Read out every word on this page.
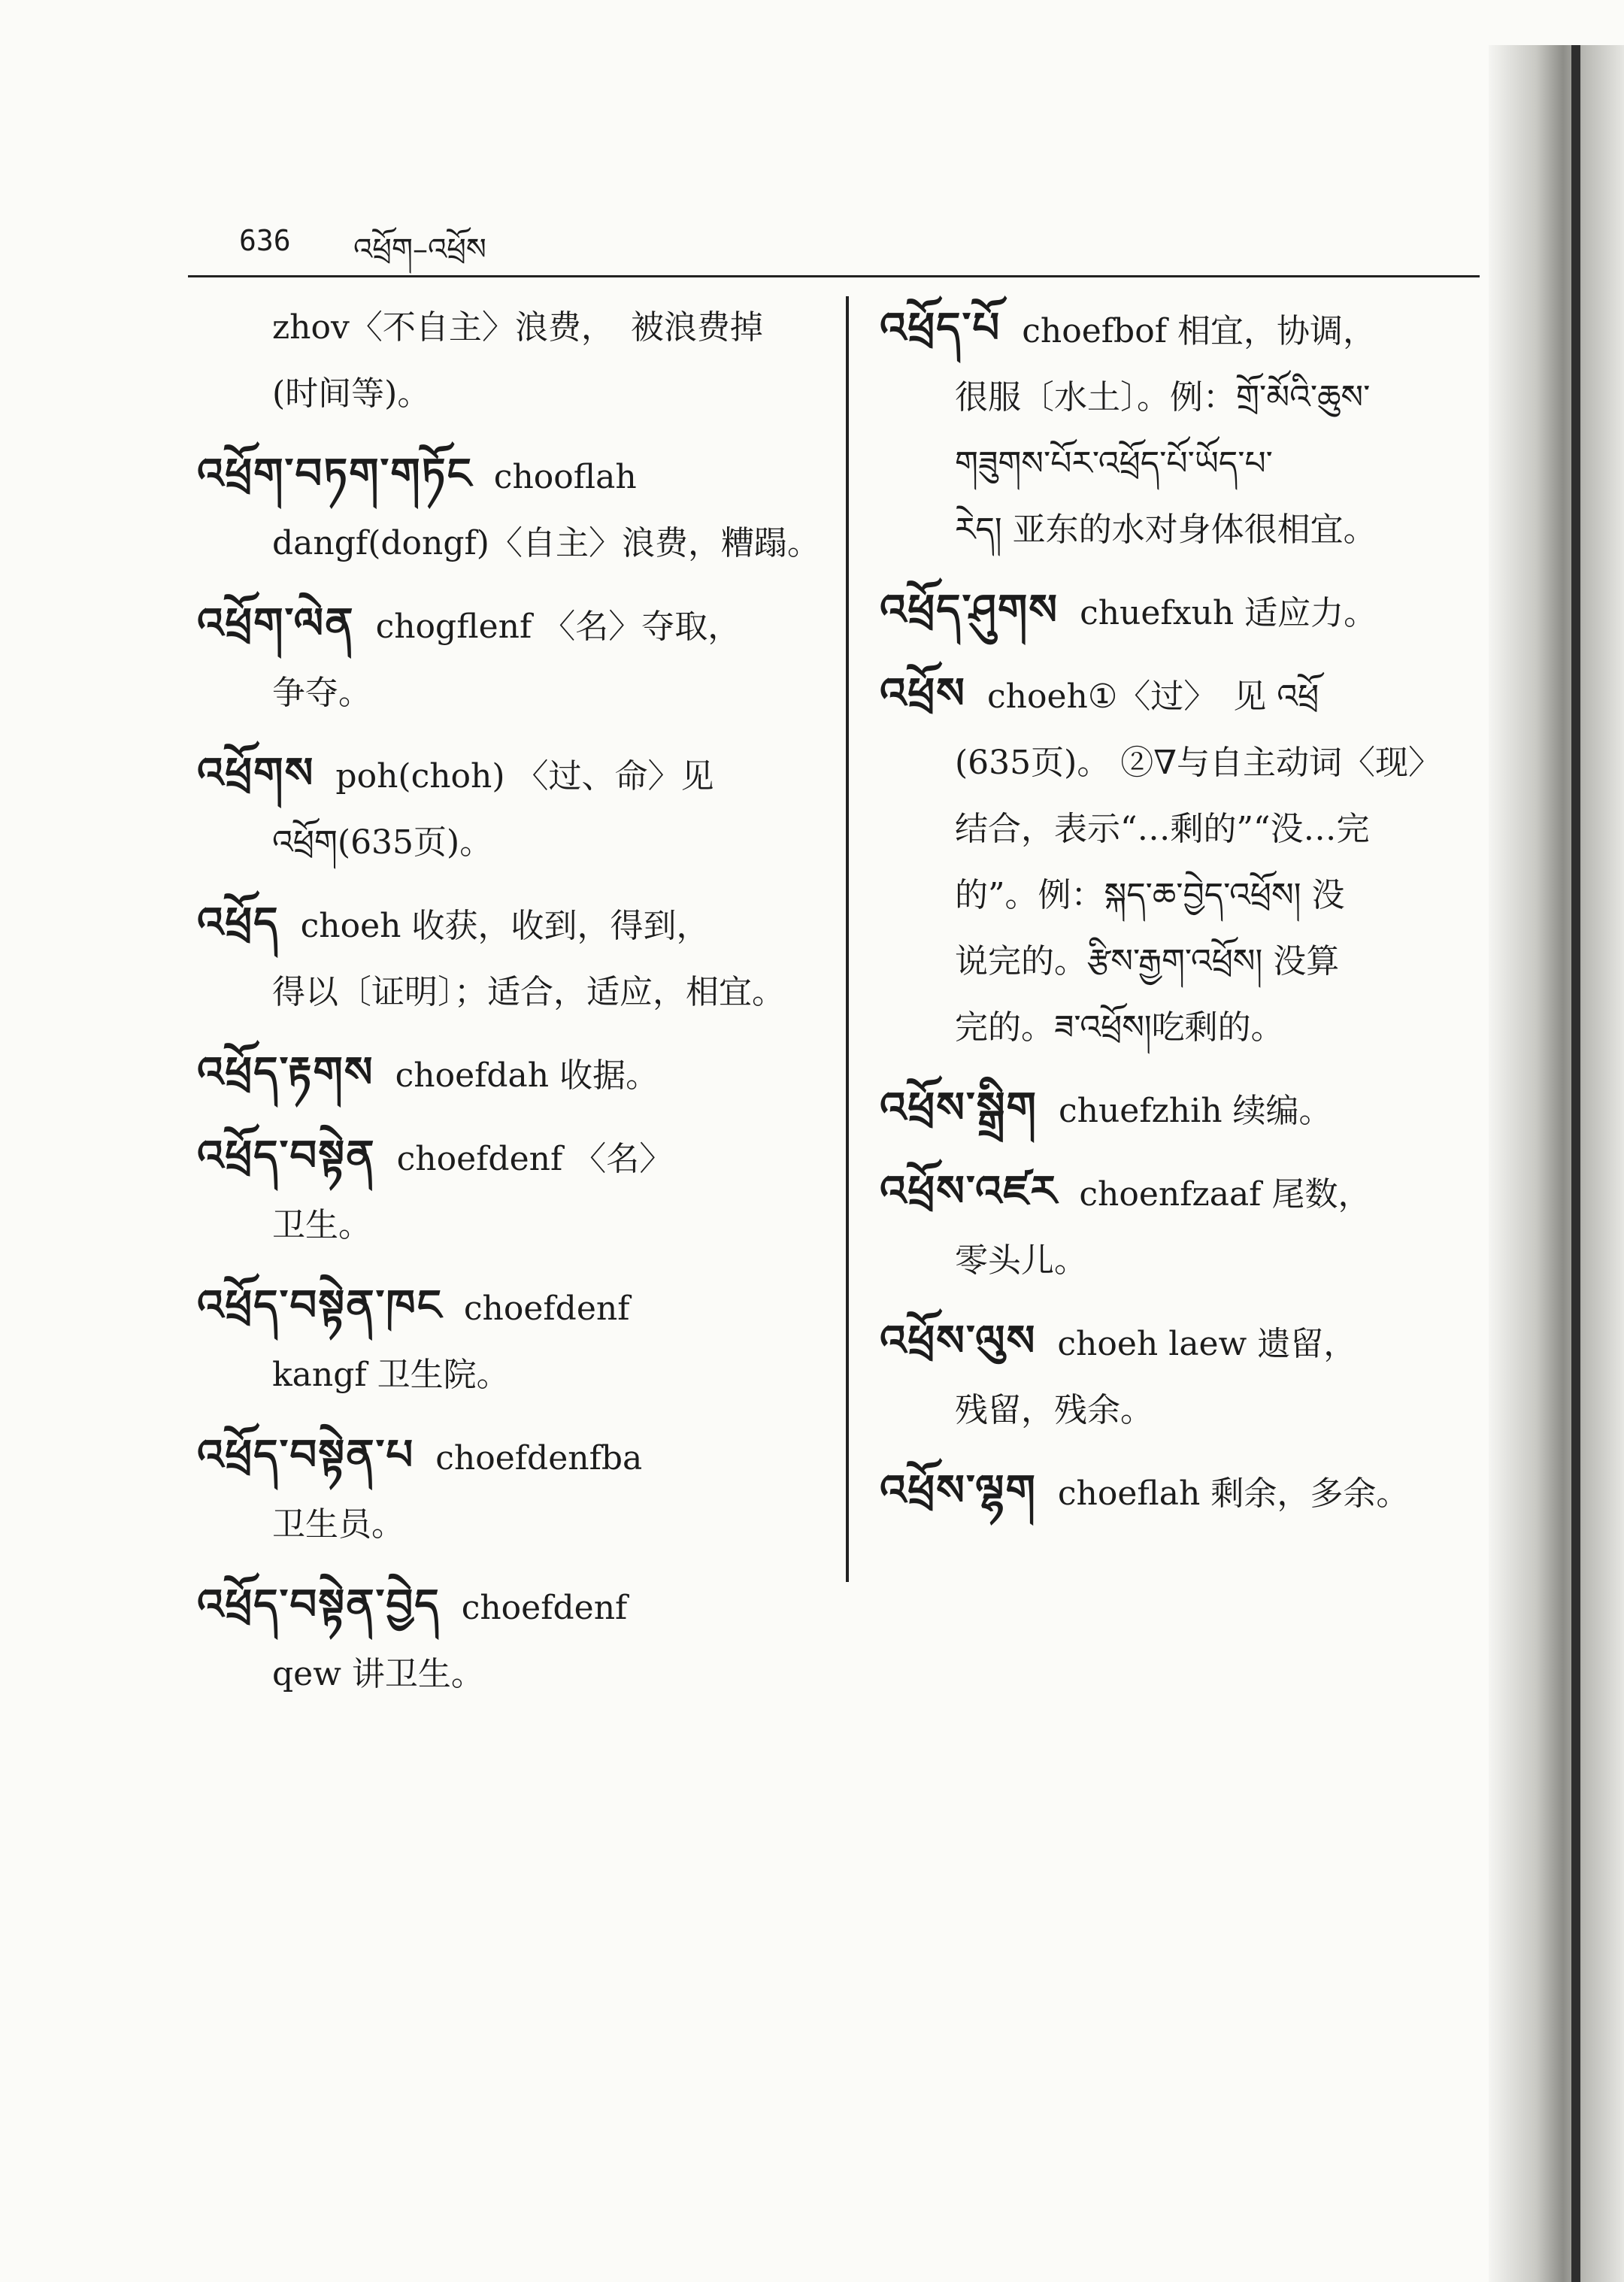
636 འཕྲོག–འཕྲོས
zhov〈不自主〉浪费，　被浪费掉
(时间等)。
འཕྲོག་བཏག་གཏོང chooflah
dangf(dongf)〈自主〉浪费，糟蹋。
འཕྲོག་ལེན chogflenf 〈名〉夺取，
争夺。
འཕྲོགས poh(choh) 〈过、命〉见
འཕྲོག(635页)。
འཕྲོད choeh 收获，收到，得到，
得以〔证明〕；适合，适应，相宜。
འཕྲོད་རྟགས choefdah 收据。
འཕྲོད་བསྟེན choefdenf 〈名〉
卫生。
འཕྲོད་བསྟེན་ཁང choefdenf
kangf 卫生院。
འཕྲོད་བསྟེན་པ choefdenfba
卫生员。
འཕྲོད་བསྟེན་བྱེད choefdenf
qew 讲卫生。
འཕྲོད་པོ choefbof 相宜，协调，
很服〔水土〕。例：གྲོ་མོའི་ཆུས་
གཟུགས་པོར་འཕྲོད་པོ་ཡོད་པ་
རེད། 亚东的水对身体很相宜。
འཕྲོད་ཤུགས chuefxuh 适应力。
འཕྲོས choeh①〈过〉　见 འཕྲོ
(635页)。 ②∇与自主动词〈现〉
结合，表示“…剩的”“没…完
的”。例：སྐད་ཆ་བྱེད་འཕྲོས། 没
说完的。རྩིས་རྒྱག་འཕྲོས། 没算
完的。ཟ་འཕྲོས།吃剩的。
འཕྲོས་སྒྲིག chuefzhih 续编。
འཕྲོས་འཛར choenfzaaf 尾数，
零头儿。
འཕྲོས་ལུས choeh laew 遗留，
残留，残余。
འཕྲོས་ལྷག choeflah 剩余，多余。
